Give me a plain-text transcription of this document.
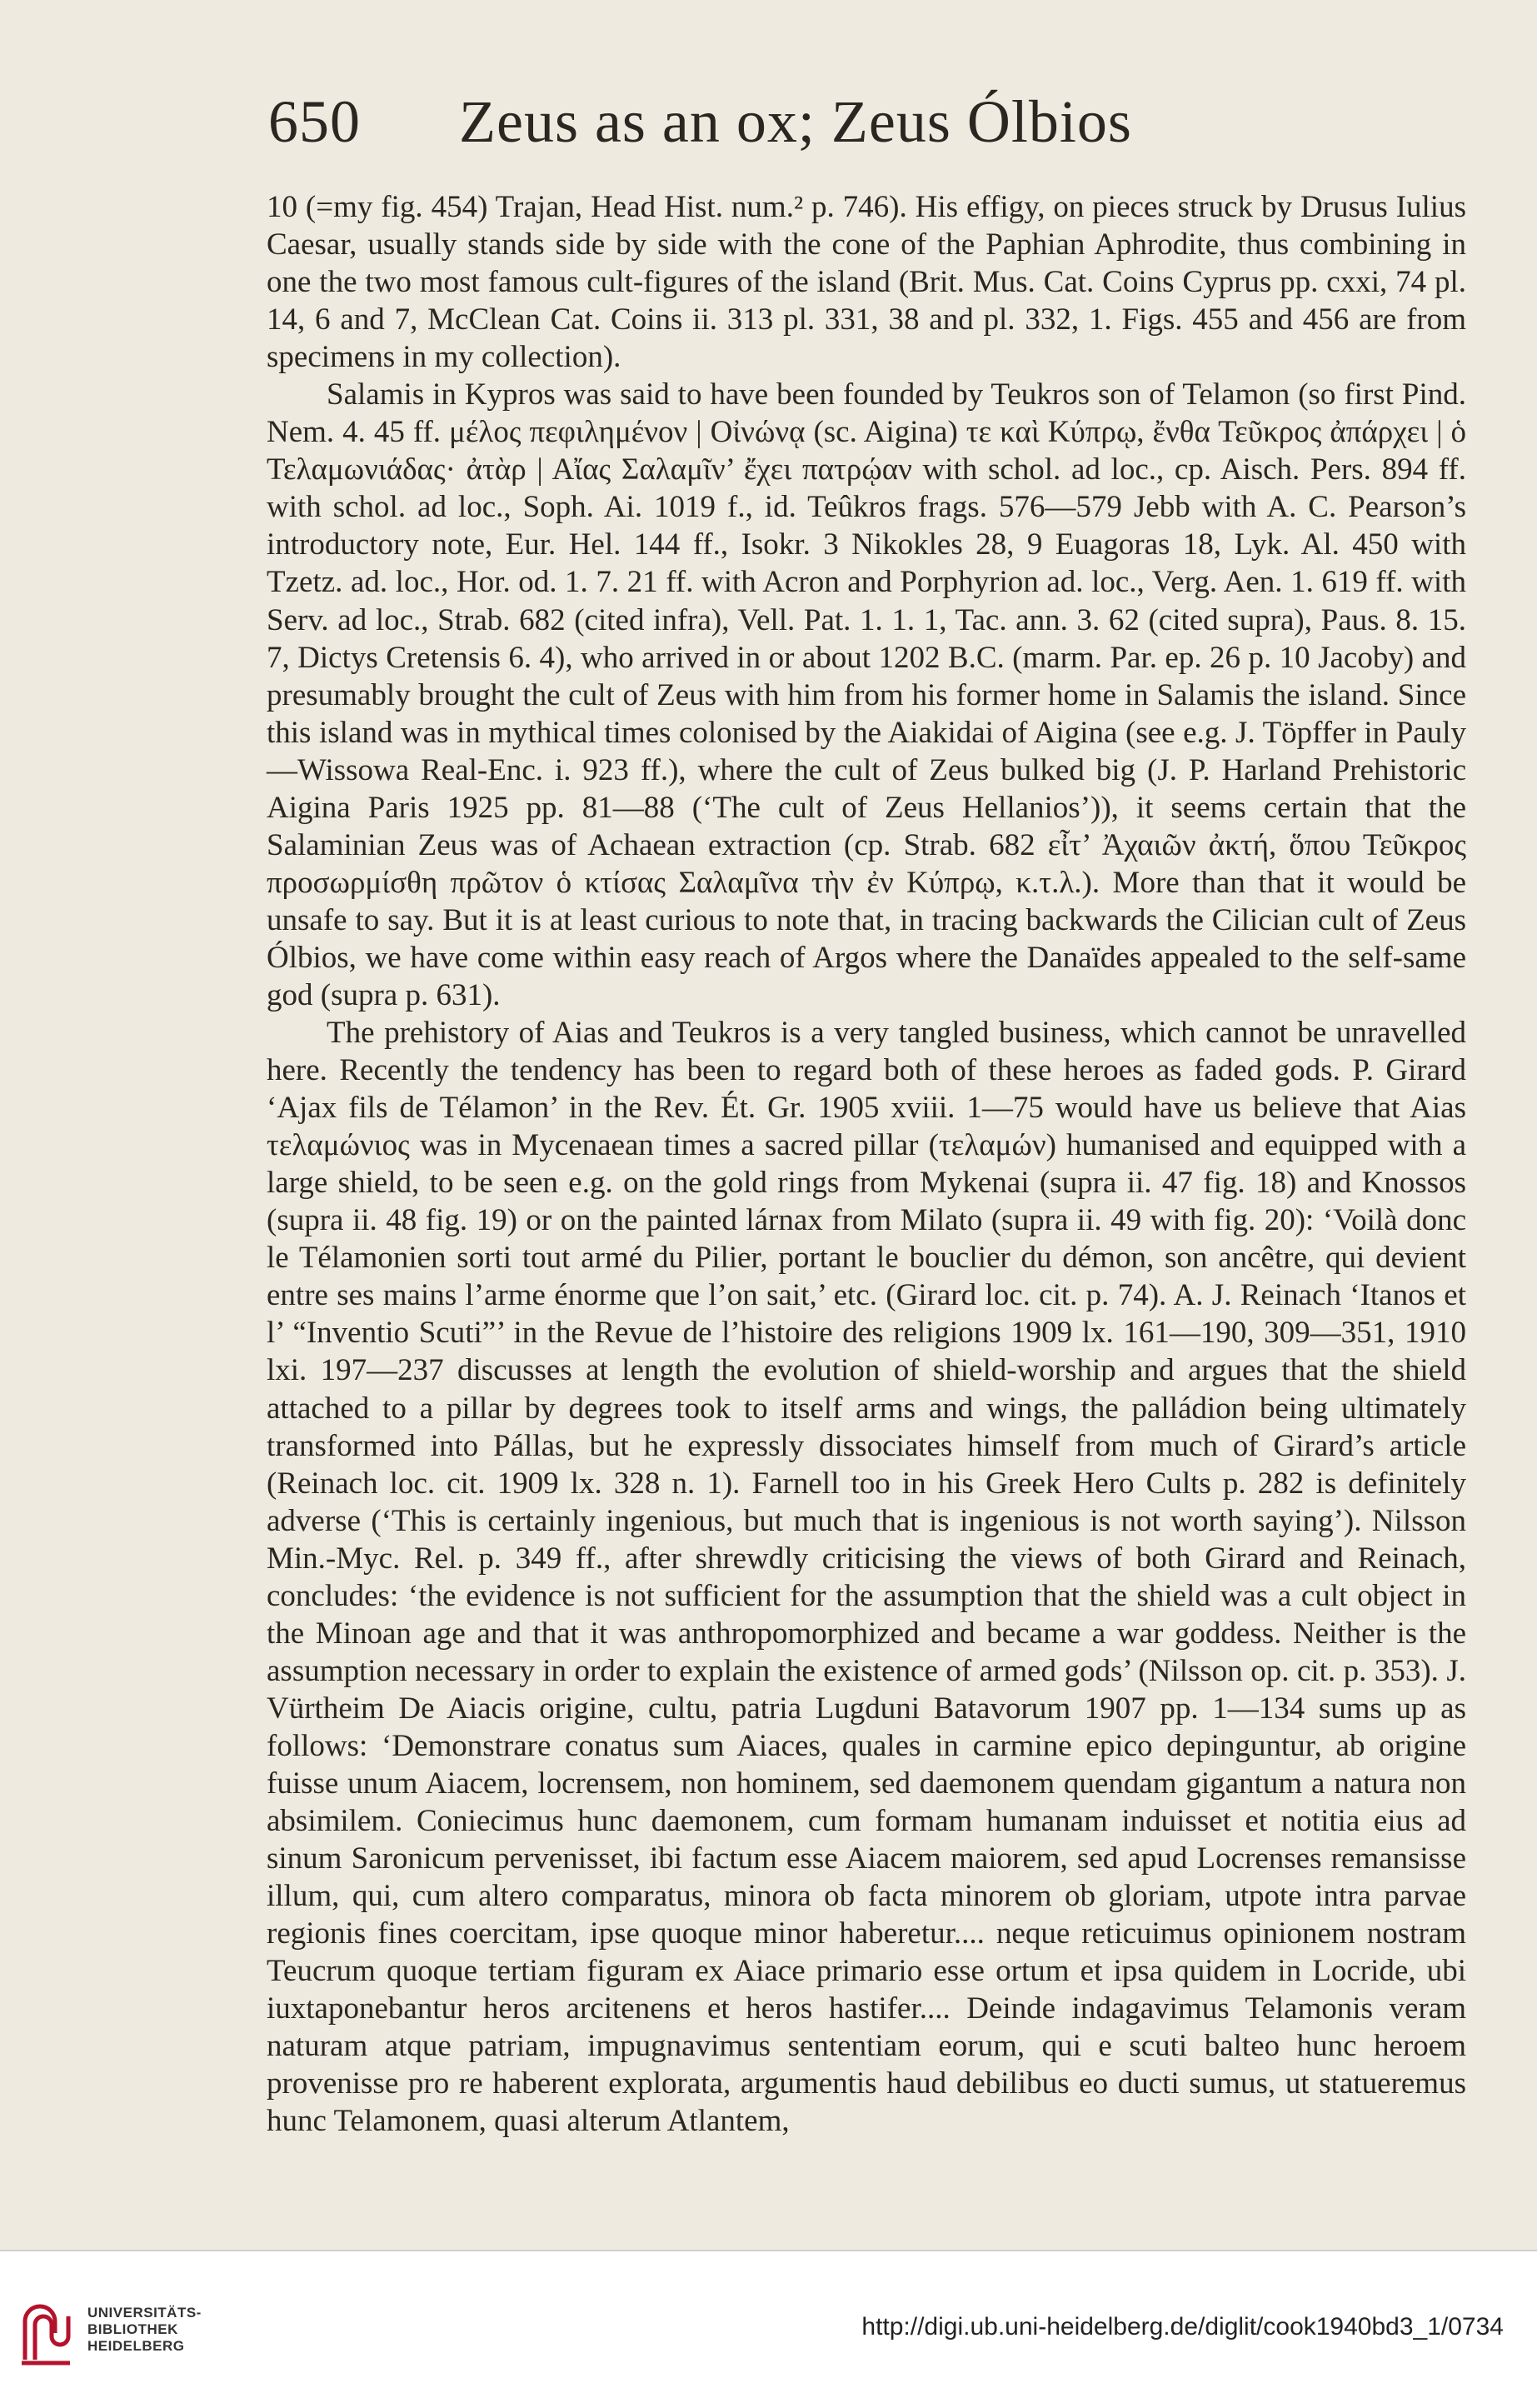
650 Zeus as an ox; Zeus Ólbios

10 (=my fig. 454) Trajan, Head Hist. num.² p. 746). His effigy, on pieces struck by Drusus Iulius Caesar, usually stands side by side with the cone of the Paphian Aphrodite, thus combining in one the two most famous cult-figures of the island (Brit. Mus. Cat. Coins Cyprus pp. cxxi, 74 pl. 14, 6 and 7, McClean Cat. Coins ii. 313 pl. 331, 38 and pl. 332, 1. Figs. 455 and 456 are from specimens in my collection).

Salamis in Kypros was said to have been founded by Teukros son of Telamon (so first Pind. Nem. 4. 45 ff. μέλος πεφιλημένον | Οἰνώνᾳ (sc. Aigina) τε καὶ Κύπρῳ, ἔνθα Τεῦκρος ἀπάρχει | ὁ Τελαμωνιάδας· ἀτὰρ | Αἴας Σαλαμῖν’ ἔχει πατρῴαν with schol. ad loc., cp. Aisch. Pers. 894 ff. with schol. ad loc., Soph. Ai. 1019 f., id. Teûkros frags. 576—579 Jebb with A. C. Pearson’s introductory note, Eur. Hel. 144 ff., Isokr. 3 Nikokles 28, 9 Euagoras 18, Lyk. Al. 450 with Tzetz. ad. loc., Hor. od. 1. 7. 21 ff. with Acron and Porphyrion ad. loc., Verg. Aen. 1. 619 ff. with Serv. ad loc., Strab. 682 (cited infra), Vell. Pat. 1. 1. 1, Tac. ann. 3. 62 (cited supra), Paus. 8. 15. 7, Dictys Cretensis 6. 4), who arrived in or about 1202 B.C. (marm. Par. ep. 26 p. 10 Jacoby) and presumably brought the cult of Zeus with him from his former home in Salamis the island. Since this island was in mythical times colonised by the Aiakidai of Aigina (see e.g. J. Töpffer in Pauly—Wissowa Real-Enc. i. 923 ff.), where the cult of Zeus bulked big (J. P. Harland Prehistoric Aigina Paris 1925 pp. 81—88 (‘The cult of Zeus Hellanios’)), it seems certain that the Salaminian Zeus was of Achaean extraction (cp. Strab. 682 εἶτ’ Ἀχαιῶν ἀκτή, ὅπου Τεῦκρος προσωρμίσθη πρῶτον ὁ κτίσας Σαλαμῖνα τὴν ἐν Κύπρῳ, κ.τ.λ.). More than that it would be unsafe to say. But it is at least curious to note that, in tracing backwards the Cilician cult of Zeus Ólbios, we have come within easy reach of Argos where the Danaïdes appealed to the self-same god (supra p. 631).

The prehistory of Aias and Teukros is a very tangled business, which cannot be unravelled here. Recently the tendency has been to regard both of these heroes as faded gods. P. Girard ‘Ajax fils de Télamon’ in the Rev. Ét. Gr. 1905 xviii. 1—75 would have us believe that Aias τελαμώνιος was in Mycenaean times a sacred pillar (τελαμών) humanised and equipped with a large shield, to be seen e.g. on the gold rings from Mykenai (supra ii. 47 fig. 18) and Knossos (supra ii. 48 fig. 19) or on the painted lárnax from Milato (supra ii. 49 with fig. 20): ‘Voilà donc le Télamonien sorti tout armé du Pilier, portant le bouclier du démon, son ancêtre, qui devient entre ses mains l’arme énorme que l’on sait,’ etc. (Girard loc. cit. p. 74). A. J. Reinach ‘Itanos et l’ “Inventio Scuti”’ in the Revue de l’histoire des religions 1909 lx. 161—190, 309—351, 1910 lxi. 197—237 discusses at length the evolution of shield-worship and argues that the shield attached to a pillar by degrees took to itself arms and wings, the palládion being ultimately transformed into Pállas, but he expressly dissociates himself from much of Girard’s article (Reinach loc. cit. 1909 lx. 328 n. 1). Farnell too in his Greek Hero Cults p. 282 is definitely adverse (‘This is certainly ingenious, but much that is ingenious is not worth saying’). Nilsson Min.-Myc. Rel. p. 349 ff., after shrewdly criticising the views of both Girard and Reinach, concludes: ‘the evidence is not sufficient for the assumption that the shield was a cult object in the Minoan age and that it was anthropomorphized and became a war goddess. Neither is the assumption necessary in order to explain the existence of armed gods’ (Nilsson op. cit. p. 353). J. Vürtheim De Aiacis origine, cultu, patria Lugduni Batavorum 1907 pp. 1—134 sums up as follows: ‘Demonstrare conatus sum Aiaces, quales in carmine epico depinguntur, ab origine fuisse unum Aiacem, locrensem, non hominem, sed daemonem quendam gigantum a natura non absimilem. Coniecimus hunc daemonem, cum formam humanam induisset et notitia eius ad sinum Saronicum pervenisset, ibi factum esse Aiacem maiorem, sed apud Locrenses remansisse illum, qui, cum altero comparatus, minora ob facta minorem ob gloriam, utpote intra parvae regionis fines coercitam, ipse quoque minor haberetur.... neque reticuimus opinionem nostram Teucrum quoque tertiam figuram ex Aiace primario esse ortum et ipsa quidem in Locride, ubi iuxtaponebantur heros arcitenens et heros hastifer.... Deinde indagavimus Telamonis veram naturam atque patriam, impugnavimus sententiam eorum, qui e scuti balteo hunc heroem provenisse pro re haberent explorata, argumentis haud debilibus eo ducti sumus, ut statueremus hunc Telamonem, quasi alterum Atlantem,

UNIVERSITÄTS-
BIBLIOTHEK
HEIDELBERG
http://digi.ub.uni-heidelberg.de/diglit/cook1940bd3_1/0734
